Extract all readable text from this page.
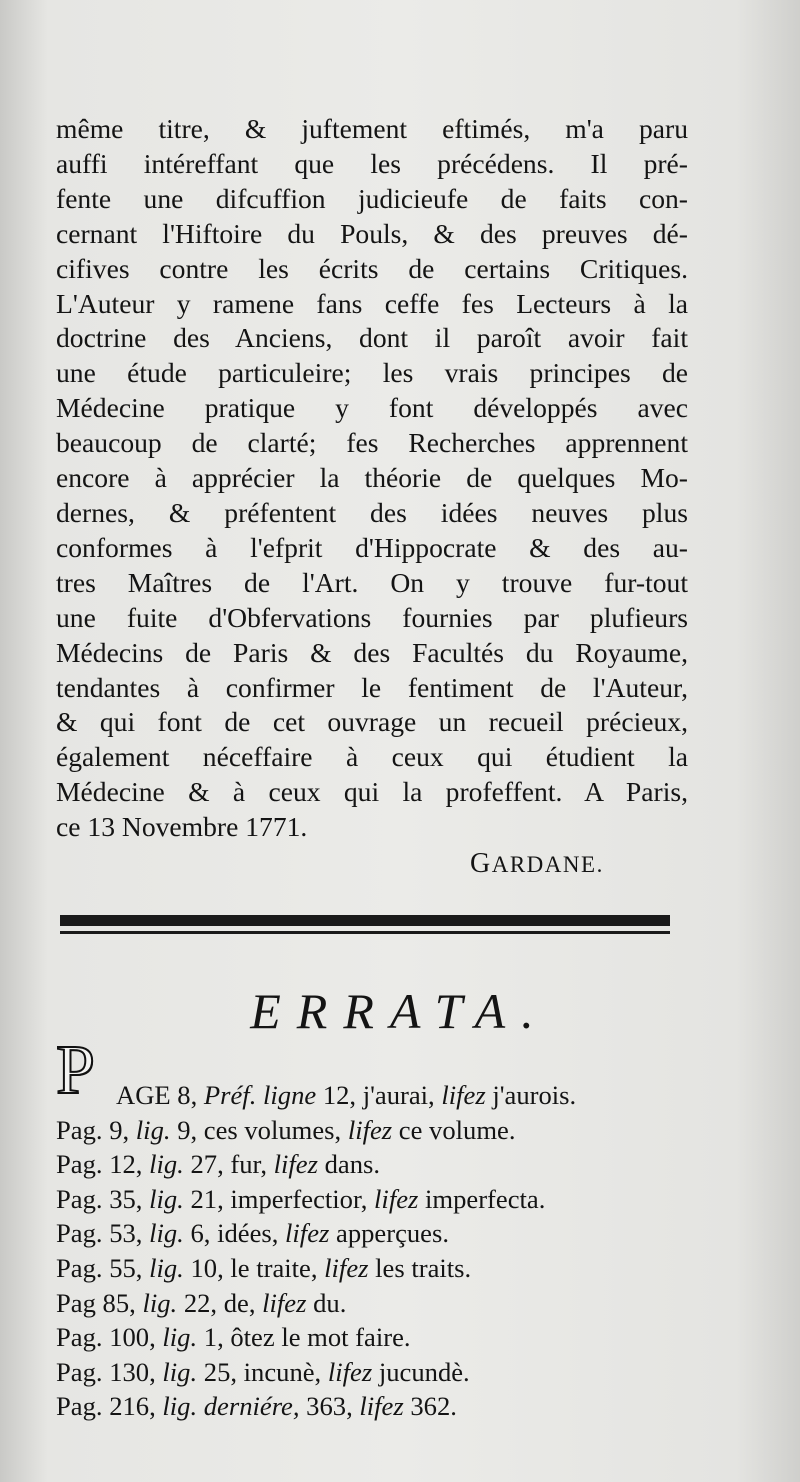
même titre, & juftement eftimés, m'a paru
auffi intéreffant que les précédens. Il pré-
fente une difcuffion judicieufe de faits con-
cernant l'Hiftoire du Pouls, & des preuves dé-
cifives contre les écrits de certains Critiques.
L'Auteur y ramene fans ceffe fes Lecteurs à la
doctrine des Anciens, dont il paroît avoir fait
une étude particuleire; les vrais principes de
Médecine pratique y font développés avec
beaucoup de clarté; fes Recherches apprennent
encore à apprécier la théorie de quelques Mo-
dernes, & préfentent des idées neuves plus
conformes à l'efprit d'Hippocrate & des au-
tres Maîtres de l'Art. On y trouve fur-tout
une fuite d'Obfervations fournies par plufieurs
Médecins de Paris & des Facultés du Royaume,
tendantes à confirmer le fentiment de l'Auteur,
& qui font de cet ouvrage un recueil précieux,
également néceffaire à ceux qui étudient la
Médecine & à ceux qui la profeffent. A Paris,
ce 13 Novembre 1771.
GARDANE.
ERRATA.
P AGE 8, Préf. ligne 12, j'aurai, lifez j'aurois.
Pag. 9, lig. 9, ces volumes, lifez ce volume.
Pag. 12, lig. 27, fur, lifez dans.
Pag. 35, lig. 21, imperfectior, lifez imperfecta.
Pag. 53, lig. 6, idées, lifez apperçues.
Pag. 55, lig. 10, le traite, lifez les traits.
Pag 85, lig. 22, de, lifez du.
Pag. 100, lig. 1, ôtez le mot faire.
Pag. 130, lig. 25, incunè, lifez jucundè.
Pag. 216, lig. derniére, 363, lifez 362.
